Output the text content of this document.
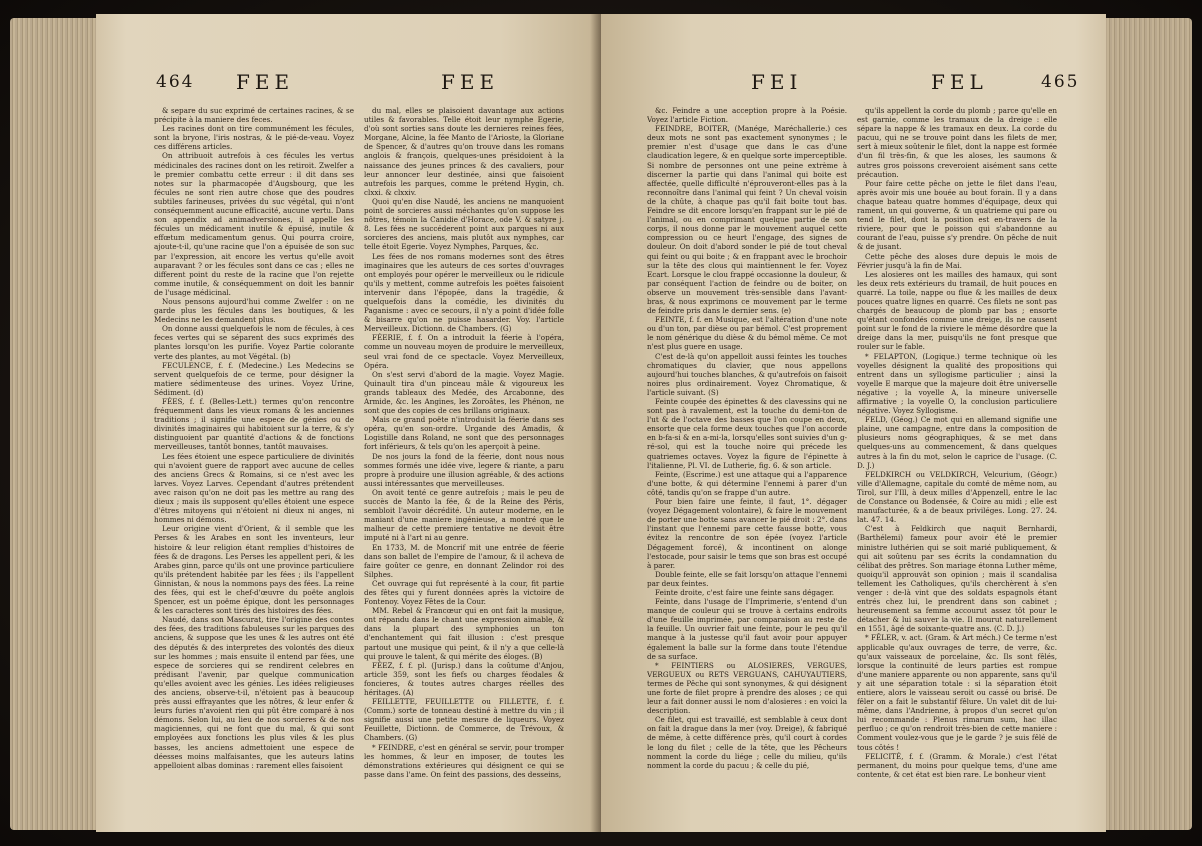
464 FEE	FEE

& separe du suc exprimé de certaines racines, & se précipite à la maniere des feces.

Les racines dont on tire communément les fécules, sont la bryone, l'iris nostras, & le pié-de-veau. Voyez ces différens articles.

On attribuoit autrefois à ces fécules les vertus médicinales des racines dont on les retiroit. Zwelfer a le premier combattu cette erreur : il dit dans ses notes sur la pharmacopée d'Augsbourg, que les fécules ne sont rien autre chose que des poudres subtiles farineuses, privées du suc végétal, qui n'ont conséquemment aucune efficacité, aucune vertu. Dans son appendix ad animadversiones, il appelle les fécules un médicament inutile & épuisé, inutile & effœtum medicamentum genus. Qui pourra croire, ajoute-t-il, qu'une racine que l'on a épuisée de son suc par l'expression, ait encore les vertus qu'elle avoit auparavant ? or les fécules sont dans ce cas ; elles ne different point du reste de la racine que l'on rejette comme inutile, & conséquemment on doit les bannir de l'usage médicinal.

Nous pensons aujourd'hui comme Zwelfer : on ne garde plus les fécules dans les boutiques, & les Medecins ne les demandent plus.

On donne aussi quelquefois le nom de fécules, à ces feces vertes qui se séparent des sucs exprimés des plantes lorsqu'on les purifie. Voyez Partie colorante verte des plantes, au mot Végétal. (b)

FECULENCE, f. f. (Medecine.) Les Medecins se servent quelquefois de ce terme, pour désigner la matiere sédimenteuse des urines. Voyez Urine, Sédiment. (d)

FÉES, f. f. (Belles-Lett.) termes qu'on rencontre fréquemment dans les vieux romans & les anciennes traditions ; il signifie une espece de génies ou de divinités imaginaires qui habitoient sur la terre, & s'y distinguoient par quantité d'actions & de fonctions merveilleuses, tantôt bonnes, tantôt mauvaises.

Les fées étoient une espece particuliere de divinités qui n'avoient guere de rapport avec aucune de celles des anciens Grecs & Romains, si ce n'est avec les larves. Voyez Larves. Cependant d'autres prétendent avec raison qu'on ne doit pas les mettre au rang des dieux ; mais ils supposent qu'elles étoient une espece d'êtres mitoyens qui n'étoient ni dieux ni anges, ni hommes ni démons.

Leur origine vient d'Orient, & il semble que les Perses & les Arabes en sont les inventeurs, leur histoire & leur religion étant remplies d'histoires de fées & de dragons. Les Perses les appellent peri, & les Arabes ginn, parce qu'ils ont une province particuliere qu'ils prétendent habitée par les fées ; ils l'appellent Ginnistan, & nous la nommons pays des fées. La reine des fées, qui est le chef-d'œuvre du poëte anglois Spencer, est un poëme épique, dont les personnages & les caracteres sont tirés des histoires des fées.

Naudé, dans son Mascurat, tire l'origine des contes des fées, des traditions fabuleuses sur les parques des anciens, & suppose que les unes & les autres ont été des députés & des interpretes des volontés des dieux sur les hommes ; mais ensuite il entend par fées, une espece de sorcieres qui se rendirent celebres en prédisant l'avenir, par quelque communication qu'elles avoient avec les génies. Les idées religieuses des anciens, observe-t-il, n'étoient pas à beaucoup près aussi effrayantes que les nôtres, & leur enfer & leurs furies n'avoient rien qui pût être comparé à nos démons. Selon lui, au lieu de nos sorcieres & de nos magiciennes, qui ne font que du mal, & qui sont employées aux fonctions les plus viles & les plus basses, les anciens admettoient une espece de déesses moins malfaisantes, que les auteurs latins appelloient albas dominas : rarement elles faisoient

du mal, elles se plaisoient davantage aux actions utiles & favorables. Telle étoit leur nymphe Egerie, d'où sont sorties sans doute les dernieres reines fées, Morgane, Alcine, la fée Manto de l'Arioste, la Gloriane de Spencer, & d'autres qu'on trouve dans les romans anglois & françois, quelques-unes présidoient à la naissance des jeunes princes & des cavaliers, pour leur annoncer leur destinée, ainsi que faisoient autrefois les parques, comme le prétend Hygin, ch. clxxi. & clxxiv.

Quoi qu'en dise Naudé, les anciens ne manquoient point de sorcieres aussi méchantes qu'on suppose les nôtres, témoin la Canidie d'Horace, ode V. & satyre j. 8. Les fées ne succéderent point aux parques ni aux sorcieres des anciens, mais plutôt aux nymphes, car telle étoit Egerie. Voyez Nymphes, Parques, &c.

Les fées de nos romans modernes sont des êtres imaginaires que les auteurs de ces sortes d'ouvrages ont employés pour opérer le merveilleux ou le ridicule qu'ils y mettent, comme autrefois les poëtes faisoient intervenir dans l'épopée, dans la tragédie, & quelquefois dans la comédie, les divinités du Paganisme : avec ce secours, il n'y a point d'idée folle & bisarre qu'on ne puisse hasarder. Voy. l'article Merveilleux. Dictionn. de Chambers. (G)

FÉERIE, f. f. On a introduit la féerie à l'opéra, comme un nouveau moyen de produire le merveilleux, seul vrai fond de ce spectacle. Voyez Merveilleux, Opéra.

On s'est servi d'abord de la magie. Voyez Magie. Quinault tira d'un pinceau mâle & vigoureux les grands tableaux des Medée, des Arcabonne, des Armide, &c. les Angines, les Zoroâtes, les Phénon, ne sont que des copies de ces brillans originaux.

Mais ce grand poëte n'introduisit la féerie dans ses opéra, qu'en son-ordre. Urgande des Amadis, & Logistille dans Roland, ne sont que des personnages fort inférieurs, & tels qu'on les aperçoit à peine.

De nos jours la fond de la féerie, dont nous nous sommes formés une idée vive, legere & riante, a paru propre à produire une illusion agréable, & des actions aussi intéressantes que merveilleuses.

On avoit tenté ce genre autrefois ; mais le peu de succès de Manto la fée, & de la Reine des Péris, sembloit l'avoir décrédité. Un auteur moderne, en le maniant d'une maniere ingénieuse, a montré que le malheur de cette premiere tentative ne devoit être imputé ni à l'art ni au genre.

En 1733, M. de Moncrif mit une entrée de féerie dans son ballet de l'empire de l'amour, & il acheva de faire goûter ce genre, en donnant Zelindor roi des Silphes.

Cet ouvrage qui fut représenté à la cour, fit partie des fêtes qui y furent données après la victoire de Fontenoy. Voyez Fêtes de la Cour.

MM. Rebel & Francœur qui en ont fait la musique, ont répandu dans le chant une expression aimable, & dans la plupart des symphonies un ton d'enchantement qui fait illusion : c'est presque partout une musique qui peint, & il n'y a que celle-là qui prouve le talent, & qui mérite des éloges. (B)

FÉEZ, f. f. pl. (Jurisp.) dans la coûtume d'Anjou, article 359, sont les fiefs ou charges féodales & foncieres, & toutes autres charges réelles des héritages. (A)

FEILLETTE, FEUILLETTE ou FILLETTE, f. f. (Comm.) sorte de tonneau destiné à mettre du vin ; il signifie aussi une petite mesure de liqueurs. Voyez Feuillette, Dictionn. de Commerce, de Trévoux, & Chambers. (G)

* FEINDRE, c'est en général se servir, pour tromper les hommes, & leur en imposer, de toutes les démonstrations extérieures qui désignent ce qui se passe dans l'ame. On feint des passions, des desseins,

FEI	FEL	465

&c. Feindre a une acception propre à la Poésie. Voyez l'article Fiction.

FEINDRE, BOITER, (Manége, Maréchallerie.) ces deux mots ne sont pas exactement synonymes ; le premier n'est d'usage que dans le cas d'une claudication legere, & en quelque sorte imperceptible. Si nombre de personnes ont une peine extrème à discerner la partie qui dans l'animal qui boite est affectée, quelle difficulté n'éprouveront-elles pas à la reconnoître dans l'animal qui feint ? Un cheval voisin de la chûte, à chaque pas qu'il fait boite tout bas. Feindre se dit encore lorsqu'en frappant sur le pié de l'animal, ou en comprimant quelque partie de son corps, il nous donne par le mouvement auquel cette compression ou ce heurt l'engage, des signes de douleur. On doit d'abord sonder le pié de tout cheval qui feint ou qui boite ; & en frappant avec le brochoir sur la tête des clous qui maintiennent le fer. Voyez Ecart. Lorsque le clou frappé occasionne la douleur, & par conséquent l'action de feindre ou de boiter, on observe un mouvement très-sensible dans l'avant-bras, & nous exprimons ce mouvement par le terme de feindre pris dans le dernier sens. (e)

FEINTE, f. f. en Musique, est l'altération d'une note ou d'un ton, par dièse ou par bémol. C'est proprement le nom générique du dièse & du bémol même. Ce mot n'est plus guere en usage.

C'est de-là qu'on appelloit aussi feintes les touches chromatiques du clavier, que nous appellons aujourd'hui touches blanches, & qu'autrefois on faisoit noires plus ordinairement. Voyez Chromatique, & l'article suivant. (S)

Feinte coupée des épinettes & des clavessins qui ne sont pas à ravalement, est la touche du demi-ton de l'ut & de l'octave des basses que l'on coupe en deux, ensorte que cela forme deux touches que l'on accorde en b-fa-si & en a-mi-la, lorsqu'elles sont suivies d'un g-ré-sol, qui est la touche noire qui précede les quatriemes octaves. Voyez la figure de l'épinette à l'italienne, Pl. VI. de Lutherie, fig. 6. & son article.

Feinte, (Escrime.) est une attaque qui a l'apparence d'une botte, & qui détermine l'ennemi à parer d'un côté, tandis qu'on se frappe d'un autre.

Pour bien faire une feinte, il faut, 1°. dégager (voyez Dégagement volontaire), & faire le mouvement de porter une botte sans avancer le pié droit : 2°. dans l'instant que l'ennemi pare cette fausse botte, vous évitez la rencontre de son épée (voyez l'article Dégagement forcé), & incontinent on alonge l'estocade, pour saisir le tems que son bras est occupé à parer.

Double feinte, elle se fait lorsqu'on attaque l'ennemi par deux feintes.

Feinte droite, c'est faire une feinte sans dégager.

Feinte, dans l'usage de l'Imprimerie, s'entend d'un manque de couleur qui se trouve à certains endroits d'une feuille imprimée, par comparaison au reste de la feuille. Un ouvrier fait une feinte, pour le peu qu'il manque à la justesse qu'il faut avoir pour appuyer également la balle sur la forme dans toute l'étendue de sa surface.

* FEINTIERS ou ALOSIERES, VERGUES, VERGUEUX ou RETS VERGUANS, CAHUYAUTIERS, termes de Pêche qui sont synonymes, & qui désignent une forte de filet propre à prendre des aloses ; ce qui leur a fait donner aussi le nom d'alosieres : en voici la description.

Ce filet, qui est travaillé, est semblable à ceux dont on fait la drague dans la mer (voy. Dreige), & fabriqué de même, à cette différence près, qu'il court à cordes le long du filet ; celle de la tête, que les Pêcheurs nomment la corde du liége ; celle du milieu, qu'ils nomment la corde du pacuu ; & celle du pié,

qu'ils appellent la corde du plomb ; parce qu'elle en est garnie, comme les tramaux de la dreige : elle sépare la nappe & les tramaux en deux. La corde du pacuu, qui ne se trouve point dans les filets de mer, sert à mieux soûtenir le filet, dont la nappe est formée d'un fil très-fin, & que les aloses, les saumons & autres gros poissons creveroient aisément sans cette précaution.

Pour faire cette pêche on jette le filet dans l'eau, après avoir mis une bouée au bout forain. Il y a dans chaque bateau quatre hommes d'équipage, deux qui rament, un qui gouverne, & un quatrieme qui pare ou tend le filet, dont la position est en-travers de la riviere, pour que le poisson qui s'abandonne au courant de l'eau, puisse s'y prendre. On pêche de nuit & de jusant.

Cette pêche des aloses dure depuis le mois de Février jusqu'à la fin de Mai.

Les alosieres ont les mailles des hamaux, qui sont les deux rets extérieurs du tramail, de huit pouces en quarré. La toile, nappe ou flue & les mailles de deux pouces quatre lignes en quarré. Ces filets ne sont pas chargés de beaucoup de plomb par bas ; ensorte qu'étant confondés comme une dreige, ils ne causent point sur le fond de la riviere le même désordre que la dreige dans la mer, puisqu'ils ne font presque que rouler sur le fable.

* FELAPTON, (Logique.) terme technique où les voyelles désignent la qualité des propositions qui entrent dans un syllogisme particulier ; ainsi la voyelle E marque que la majeure doit être universelle négative ; la voyelle A, la mineure universelle affirmative ; la voyelle O, la conclusion particuliere négative. Voyez Syllogisme.

FELD, (Géog.) Ce mot qui en allemand signifie une plaine, une campagne, entre dans la composition de plusieurs noms géographiques, & se met dans quelques-uns au commencement, & dans quelques autres à la fin du mot, selon le caprice de l'usage. (C. D. J.)

FELDKIRCH ou VELDKIRCH, Velcurium, (Géogr.) ville d'Allemagne, capitale du comté de même nom, au Tirol, sur l'Ill, à deux milles d'Appenzell, entre le lac de Constance ou Bodensée, & Coire au midi ; elle est manufacturée, & a de beaux priviléges. Long. 27. 24. lat. 47. 14.

C'est à Feldkirch que naquit Bernhardi, (Barthélemi) fameux pour avoir été le premier ministre luthérien qui se soit marié publiquement, & qui ait soûtenu par ses écrits la condamnation du célibat des prêtres. Son mariage étonna Luther même, quoiqu'il approuvât son opinion ; mais il scandalisa tellement les Catholiques, qu'ils cherchèrent à s'en venger : de-là vint que des soldats espagnols étant entrés chez lui, le prendrent dans son cabinet ; heureusement sa femme accourut assez tôt pour le détacher & lui sauver la vie. Il mourut naturellement en 1551, âgé de soixante-quatre ans. (C. D. J.)

* FÊLER, v. act. (Gram. & Art méch.) Ce terme n'est applicable qu'aux ouvrages de terre, de verre, &c. qu'aux vaisseaux de porcelaine, &c. Ils sont fêlés, lorsque la continuité de leurs parties est rompue d'une maniere apparente ou non apparente, sans qu'il y ait une séparation totale : si la séparation étoit entiere, alors le vaisseau seroit ou cassé ou brisé. De fêler on a fait le substantif fêlure. Un valet dit de lui-même, dans l'Andrienne, à propos d'un secret qu'on lui recommande : Plenus rimarum sum, hac illac perfluo ; ce qu'on rendroit très-bien de cette maniere : Comment voulez-vous que je le garde ? je suis fêlé de tous côtés !

FELICITÉ, f. f. (Gramm. & Morale.) c'est l'état permanent, du moins pour quelque tems, d'une ame contente, & cet état est bien rare. Le bonheur vient
